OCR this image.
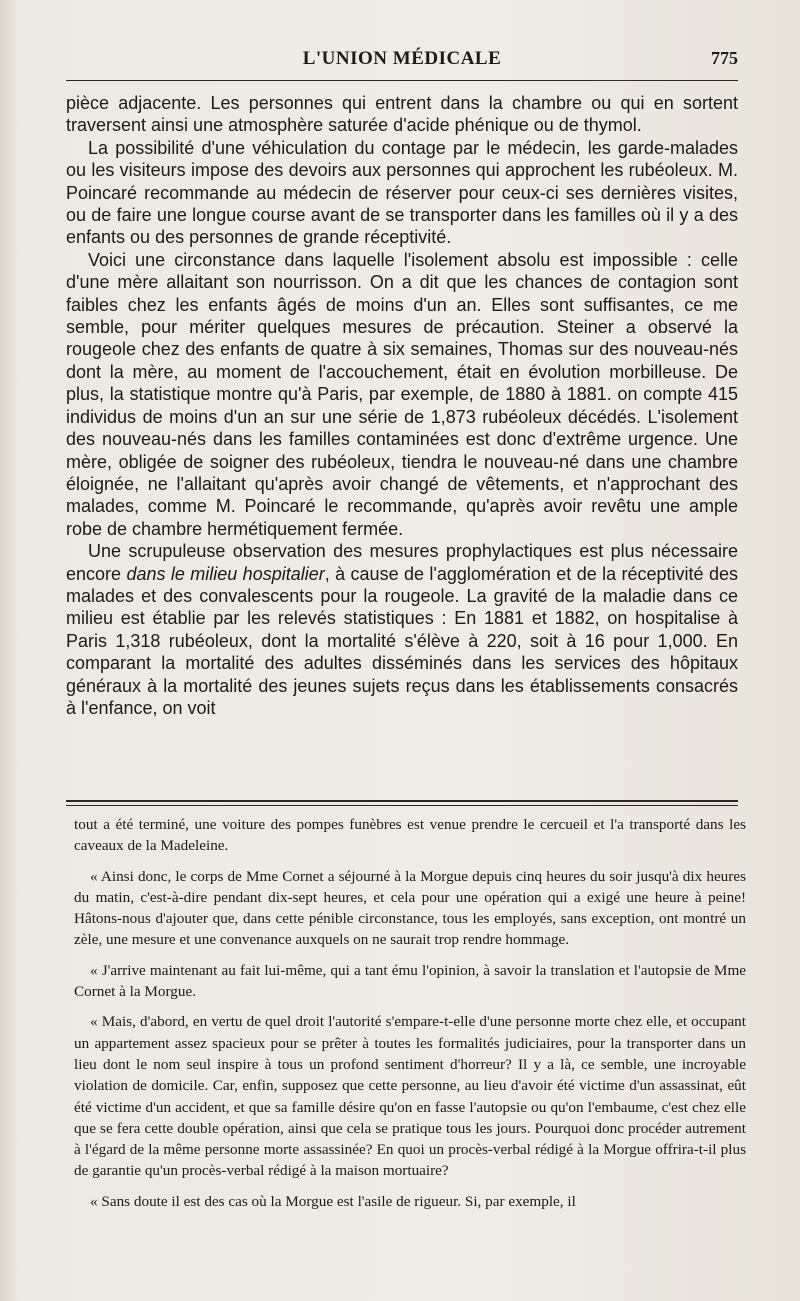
L'UNION MÉDICALE	775

pièce adjacente. Les personnes qui entrent dans la chambre ou qui en sortent traversent ainsi une atmosphère saturée d'acide phénique ou de thymol.

La possibilité d'une véhiculation du contage par le médecin, les garde-malades ou les visiteurs impose des devoirs aux personnes qui approchent les rubéoleux. M. Poincaré recommande au médecin de réserver pour ceux-ci ses dernières visites, ou de faire une longue course avant de se transporter dans les familles où il y a des enfants ou des personnes de grande réceptivité.

Voici une circonstance dans laquelle l'isolement absolu est impossible : celle d'une mère allaitant son nourrisson. On a dit que les chances de contagion sont faibles chez les enfants âgés de moins d'un an. Elles sont suffisantes, ce me semble, pour mériter quelques mesures de précaution. Steiner a observé la rougeole chez des enfants de quatre à six semaines, Thomas sur des nouveau-nés dont la mère, au moment de l'accouchement, était en évolution morbilleuse. De plus, la statistique montre qu'à Paris, par exemple, de 1880 à 1881. on compte 415 individus de moins d'un an sur une série de 1,873 rubéoleux décédés. L'isolement des nouveau-nés dans les familles contaminées est donc d'extrême urgence. Une mère, obligée de soigner des rubéoleux, tiendra le nouveau-né dans une chambre éloignée, ne l'allaitant qu'après avoir changé de vêtements, et n'approchant des malades, comme M. Poincaré le recommande, qu'après avoir revêtu une ample robe de chambre hermétiquement fermée.

Une scrupuleuse observation des mesures prophylactiques est plus nécessaire encore dans le milieu hospitalier, à cause de l'agglomération et de la réceptivité des malades et des convalescents pour la rougeole. La gravité de la maladie dans ce milieu est établie par les relevés statistiques : En 1881 et 1882, on hospitalise à Paris 1,318 rubéoleux, dont la mortalité s'élève à 220, soit à 16 pour 1,000. En comparant la mortalité des adultes disséminés dans les services des hôpitaux généraux à la mortalité des jeunes sujets reçus dans les établissements consacrés à l'enfance, on voit

tout a été terminé, une voiture des pompes funèbres est venue prendre le cercueil et l'a transporté dans les caveaux de la Madeleine.

« Ainsi donc, le corps de Mme Cornet a séjourné à la Morgue depuis cinq heures du soir jusqu'à dix heures du matin, c'est-à-dire pendant dix-sept heures, et cela pour une opération qui a exigé une heure à peine! Hâtons-nous d'ajouter que, dans cette pénible circonstance, tous les employés, sans exception, ont montré un zèle, une mesure et une convenance auxquels on ne saurait trop rendre hommage.

« J'arrive maintenant au fait lui-même, qui a tant ému l'opinion, à savoir la translation et l'autopsie de Mme Cornet à la Morgue.

« Mais, d'abord, en vertu de quel droit l'autorité s'empare-t-elle d'une personne morte chez elle, et occupant un appartement assez spacieux pour se prêter à toutes les formalités judiciaires, pour la transporter dans un lieu dont le nom seul inspire à tous un profond sentiment d'horreur? Il y a là, ce semble, une incroyable violation de domicile. Car, enfin, supposez que cette personne, au lieu d'avoir été victime d'un assassinat, eût été victime d'un accident, et que sa famille désire qu'on en fasse l'autopsie ou qu'on l'embaume, c'est chez elle que se fera cette double opération, ainsi que cela se pratique tous les jours. Pourquoi donc procéder autrement à l'égard de la même personne morte assassinée? En quoi un procès-verbal rédigé à la Morgue offrira-t-il plus de garantie qu'un procès-verbal rédigé à la maison mortuaire?

« Sans doute il est des cas où la Morgue est l'asile de rigueur. Si, par exemple, il
